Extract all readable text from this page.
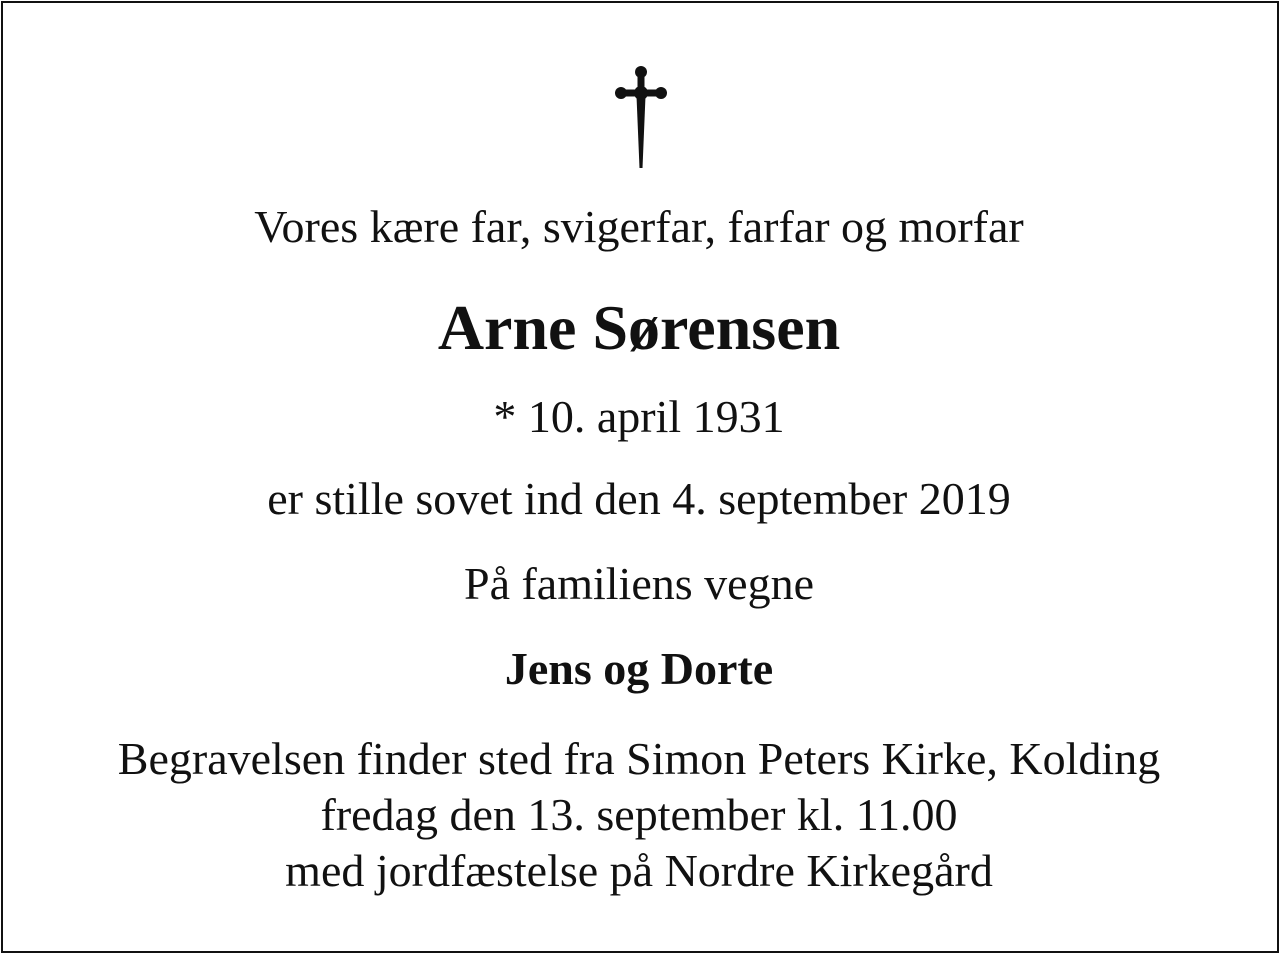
Vores kære far, svigerfar, farfar og morfar
Arne Sørensen
* 10. april 1931
er stille sovet ind den 4. september 2019
På familiens vegne
Jens og Dorte
Begravelsen finder sted fra Simon Peters Kirke, Kolding
fredag den 13. september kl. 11.00
med jordfæstelse på Nordre Kirkegård
